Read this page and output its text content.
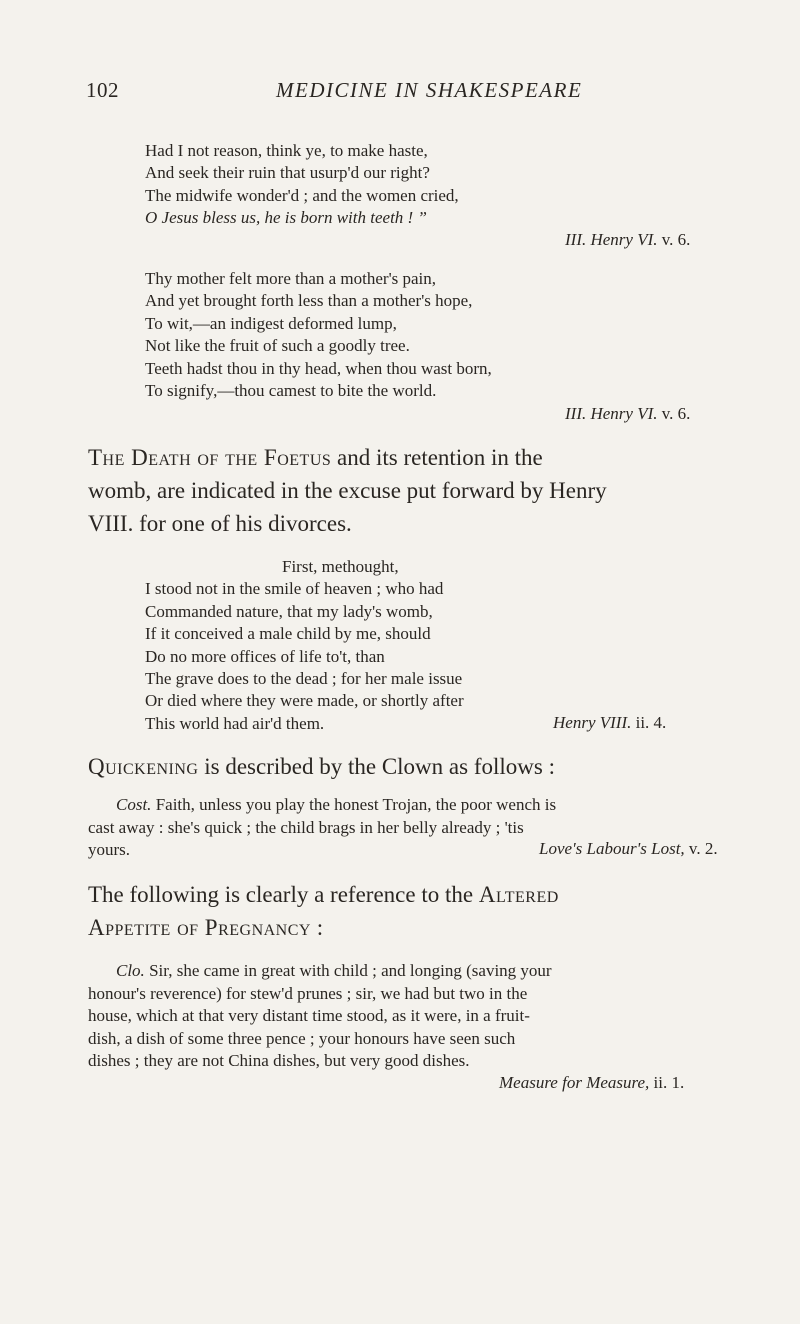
102	MEDICINE IN SHAKESPEARE
Had I not reason, think ye, to make haste,
And seek their ruin that usurp'd our right?
The midwife wonder'd ; and the women cried,
O Jesus bless us, he is born with teeth ! ”
III. Henry VI. v. 6.
Thy mother felt more than a mother's pain,
And yet brought forth less than a mother's hope,
To wit,—an indigest deformed lump,
Not like the fruit of such a goodly tree.
Teeth hadst thou in thy head, when thou wast born,
To signify,—thou camest to bite the world.
III. Henry VI. v. 6.
The Death of the Foetus and its retention in the
womb, are indicated in the excuse put forward by Henry
VIII. for one of his divorces.
First, methought,
I stood not in the smile of heaven ; who had
Commanded nature, that my lady's womb,
If it conceived a male child by me, should
Do no more offices of life to't, than
The grave does to the dead ; for her male issue
Or died where they were made, or shortly after
This world had air'd them.	Henry VIII. ii. 4.
Quickening is described by the Clown as follows :
Cost. Faith, unless you play the honest Trojan, the poor wench is
cast away : she's quick ; the child brags in her belly already ; 'tis
yours.	Love's Labour's Lost, v. 2.
The following is clearly a reference to the Altered
Appetite of Pregnancy :
Clo. Sir, she came in great with child ; and longing (saving your
honour's reverence) for stew'd prunes ; sir, we had but two in the
house, which at that very distant time stood, as it were, in a fruit-
dish, a dish of some three pence ; your honours have seen such
dishes ; they are not China dishes, but very good dishes.
Measure for Measure, ii. 1.
